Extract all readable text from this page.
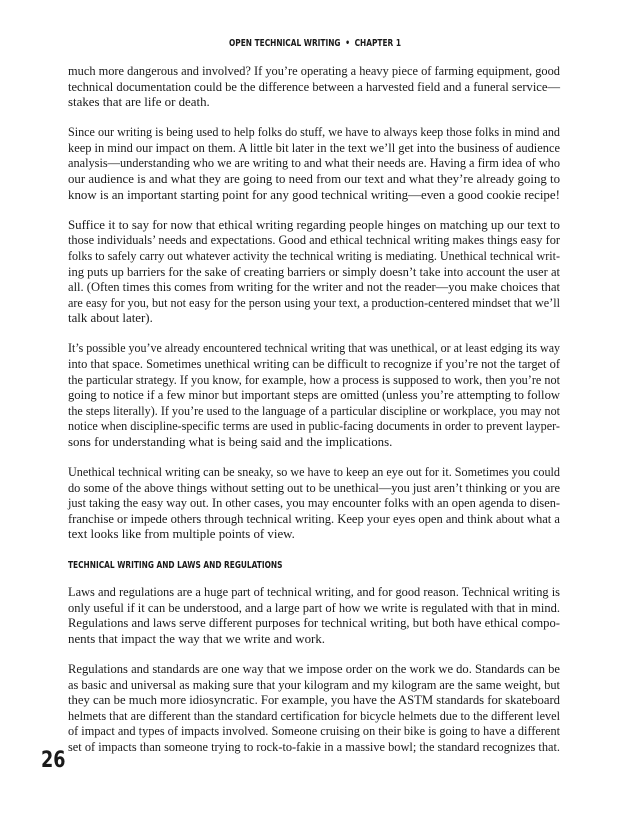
OPEN TECHNICAL WRITING • CHAPTER 1

much more dangerous and involved? If you’re operating a heavy piece of farming equipment, good
technical documentation could be the difference between a harvested field and a funeral service—
stakes that are life or death.

Since our writing is being used to help folks do stuff, we have to always keep those folks in mind and
keep in mind our impact on them. A little bit later in the text we’ll get into the business of audience
analysis—understanding who we are writing to and what their needs are. Having a firm idea of who
our audience is and what they are going to need from our text and what they’re already going to
know is an important starting point for any good technical writing—even a good cookie recipe!

Suffice it to say for now that ethical writing regarding people hinges on matching up our text to
those individuals’ needs and expectations. Good and ethical technical writing makes things easy for
folks to safely carry out whatever activity the technical writing is mediating. Unethical technical writ-
ing puts up barriers for the sake of creating barriers or simply doesn’t take into account the user at
all. (Often times this comes from writing for the writer and not the reader—you make choices that
are easy for you, but not easy for the person using your text, a production-centered mindset that we’ll
talk about later).

It’s possible you’ve already encountered technical writing that was unethical, or at least edging its way
into that space. Sometimes unethical writing can be difficult to recognize if you’re not the target of
the particular strategy. If you know, for example, how a process is supposed to work, then you’re not
going to notice if a few minor but important steps are omitted (unless you’re attempting to follow
the steps literally). If you’re used to the language of a particular discipline or workplace, you may not
notice when discipline-specific terms are used in public-facing documents in order to prevent layper-
sons for understanding what is being said and the implications.

Unethical technical writing can be sneaky, so we have to keep an eye out for it. Sometimes you could
do some of the above things without setting out to be unethical—you just aren’t thinking or you are
just taking the easy way out. In other cases, you may encounter folks with an open agenda to disen-
franchise or impede others through technical writing. Keep your eyes open and think about what a
text looks like from multiple points of view.

TECHNICAL WRITING AND LAWS AND REGULATIONS

Laws and regulations are a huge part of technical writing, and for good reason. Technical writing is
only useful if it can be understood, and a large part of how we write is regulated with that in mind.
Regulations and laws serve different purposes for technical writing, but both have ethical compo-
nents that impact the way that we write and work.

Regulations and standards are one way that we impose order on the work we do. Standards can be
as basic and universal as making sure that your kilogram and my kilogram are the same weight, but
they can be much more idiosyncratic. For example, you have the ASTM standards for skateboard
helmets that are different than the standard certification for bicycle helmets due to the different level
of impact and types of impacts involved. Someone cruising on their bike is going to have a different
set of impacts than someone trying to rock-to-fakie in a massive bowl; the standard recognizes that.

26
